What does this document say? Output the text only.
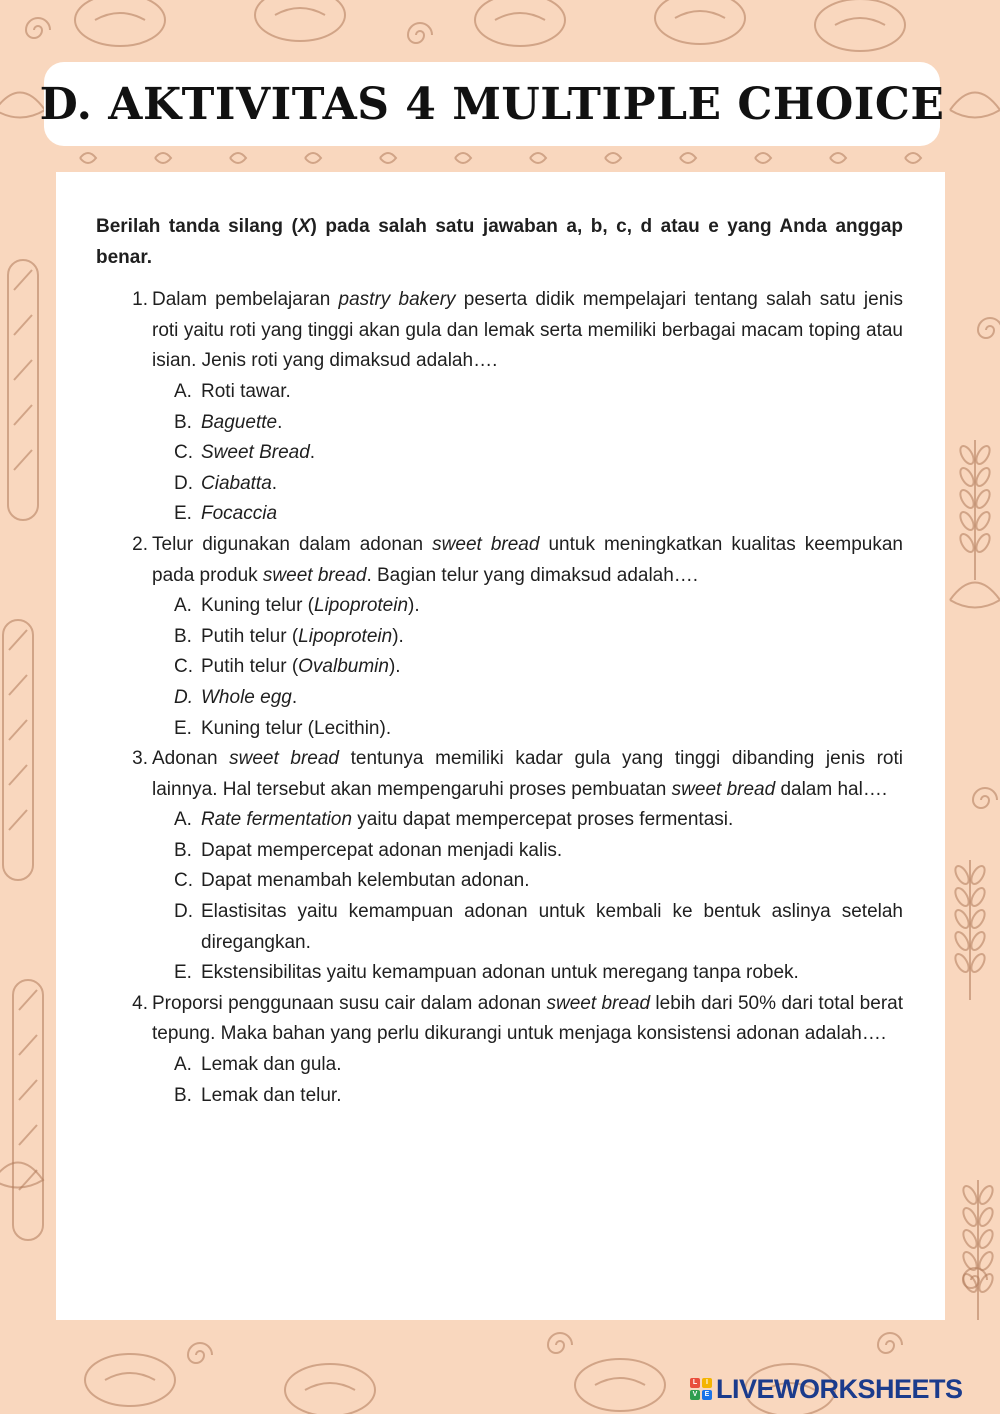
D. AKTIVITAS 4 MULTIPLE CHOICE
Berilah tanda silang (X) pada salah satu jawaban a, b, c, d atau e yang Anda anggap benar.
1. Dalam pembelajaran pastry bakery peserta didik mempelajari tentang salah satu jenis roti yaitu roti yang tinggi akan gula dan lemak serta memiliki berbagai macam toping atau isian. Jenis roti yang dimaksud adalah….
A. Roti tawar.
B. Baguette.
C. Sweet Bread.
D. Ciabatta.
E. Focaccia
2. Telur digunakan dalam adonan sweet bread untuk meningkatkan kualitas keempukan pada produk sweet bread. Bagian telur yang dimaksud adalah….
A. Kuning telur (Lipoprotein).
B. Putih telur (Lipoprotein).
C. Putih telur (Ovalbumin).
D. Whole egg.
E. Kuning telur (Lecithin).
3. Adonan sweet bread tentunya memiliki kadar gula yang tinggi dibanding jenis roti lainnya. Hal tersebut akan mempengaruhi proses pembuatan sweet bread dalam hal….
A. Rate fermentation yaitu dapat mempercepat proses fermentasi.
B. Dapat mempercepat adonan menjadi kalis.
C. Dapat menambah kelembutan adonan.
D. Elastisitas yaitu kemampuan adonan untuk kembali ke bentuk aslinya setelah diregangkan.
E. Ekstensibilitas yaitu kemampuan adonan untuk meregang tanpa robek.
4. Proporsi penggunaan susu cair dalam adonan sweet bread lebih dari 50% dari total berat tepung. Maka bahan yang perlu dikurangi untuk menjaga konsistensi adonan adalah….
A. Lemak dan gula.
B. Lemak dan telur.
L	I
V	E LIVEWORKSHEETS
